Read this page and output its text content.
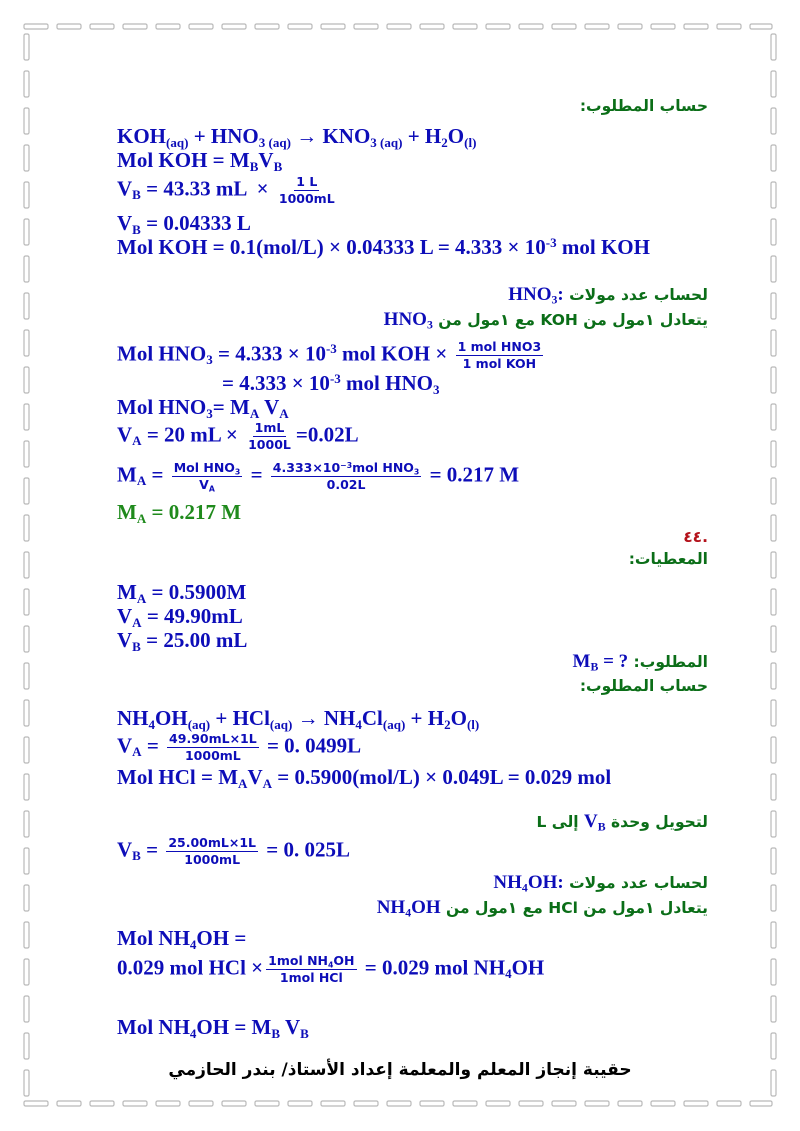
حساب المطلوب:
$KOH_{(aq)} + HNO_{3 (aq)} \to KNO_{3 (aq)} + H_2O_{(l)}$
Mol KOH = $M_BV_B$
$V_B = 43.33$ mL  × $\frac{1 L}{1000mL}$
$V_B = 0.04333$ L
Mol KOH = 0.1(mol/L) × 0.04333 $L = 4.333 \times 10^{-3}$ mol KOH
لحساب عدد مولات $HNO_3$:
يتعادل ١مول من KOH مع ١مول من $HNO_3$
Mol $HNO_3 = 4.333 \times 10^{-3}$ mol KOH × $\frac{\text{1 mol HNO3}}{\text{1 mol KOH}}$
= $4.333 \times 10^{-3}$ mol $HNO_3$
Mol $HNO_3= M_A$ $V_A$
$V_A = 20$ mL × $\frac{1mL}{1000L} =0.02L$
$M_A = \frac{Mol HNO_3}{V_A} = \frac{4.333\times 10^{-3}mol HNO_3}{0.02L} = 0.217$ M
$M_A = 0.217$ M
.٤٤
المعطيات:
$M_A = 0.5900M$
$V_A = 49.90mL$
$V_B = 25.00$ mL
المطلوب: $M_B$ = ?
حساب المطلوب:
$NH_4OH_{(aq)} + HCl_{(aq)} \to NH_4Cl_{(aq)} + H_2O_{(l)}$
$V_A = \frac{49.90mL\times 1L}{1000mL} = 0$. 0499L
Mol HCl = $M_AV_A = 0.5900(mol/L) \times 0.049L = 0.029$ mol
لتحويل وحدة $V_B$ إلى L
$V_B = \frac{25.00mL\times 1L}{1000mL} = 0$. 025L
لحساب عدد مولات $NH_4OH$:
يتعادل ١مول من HCl مع ١مول من $NH_4OH$
Mol $NH_4OH$ =
0.029 mol HCl × $\frac{1mol NH_4OH}{\text{1mol HCl}} = 0.029$ mol $NH_4OH$
Mol $NH_4OH = M_B$ $V_B$
حقيبة إنجاز المعلم والمعلمة إعداد الأستاذ/ بندر الحازمي
